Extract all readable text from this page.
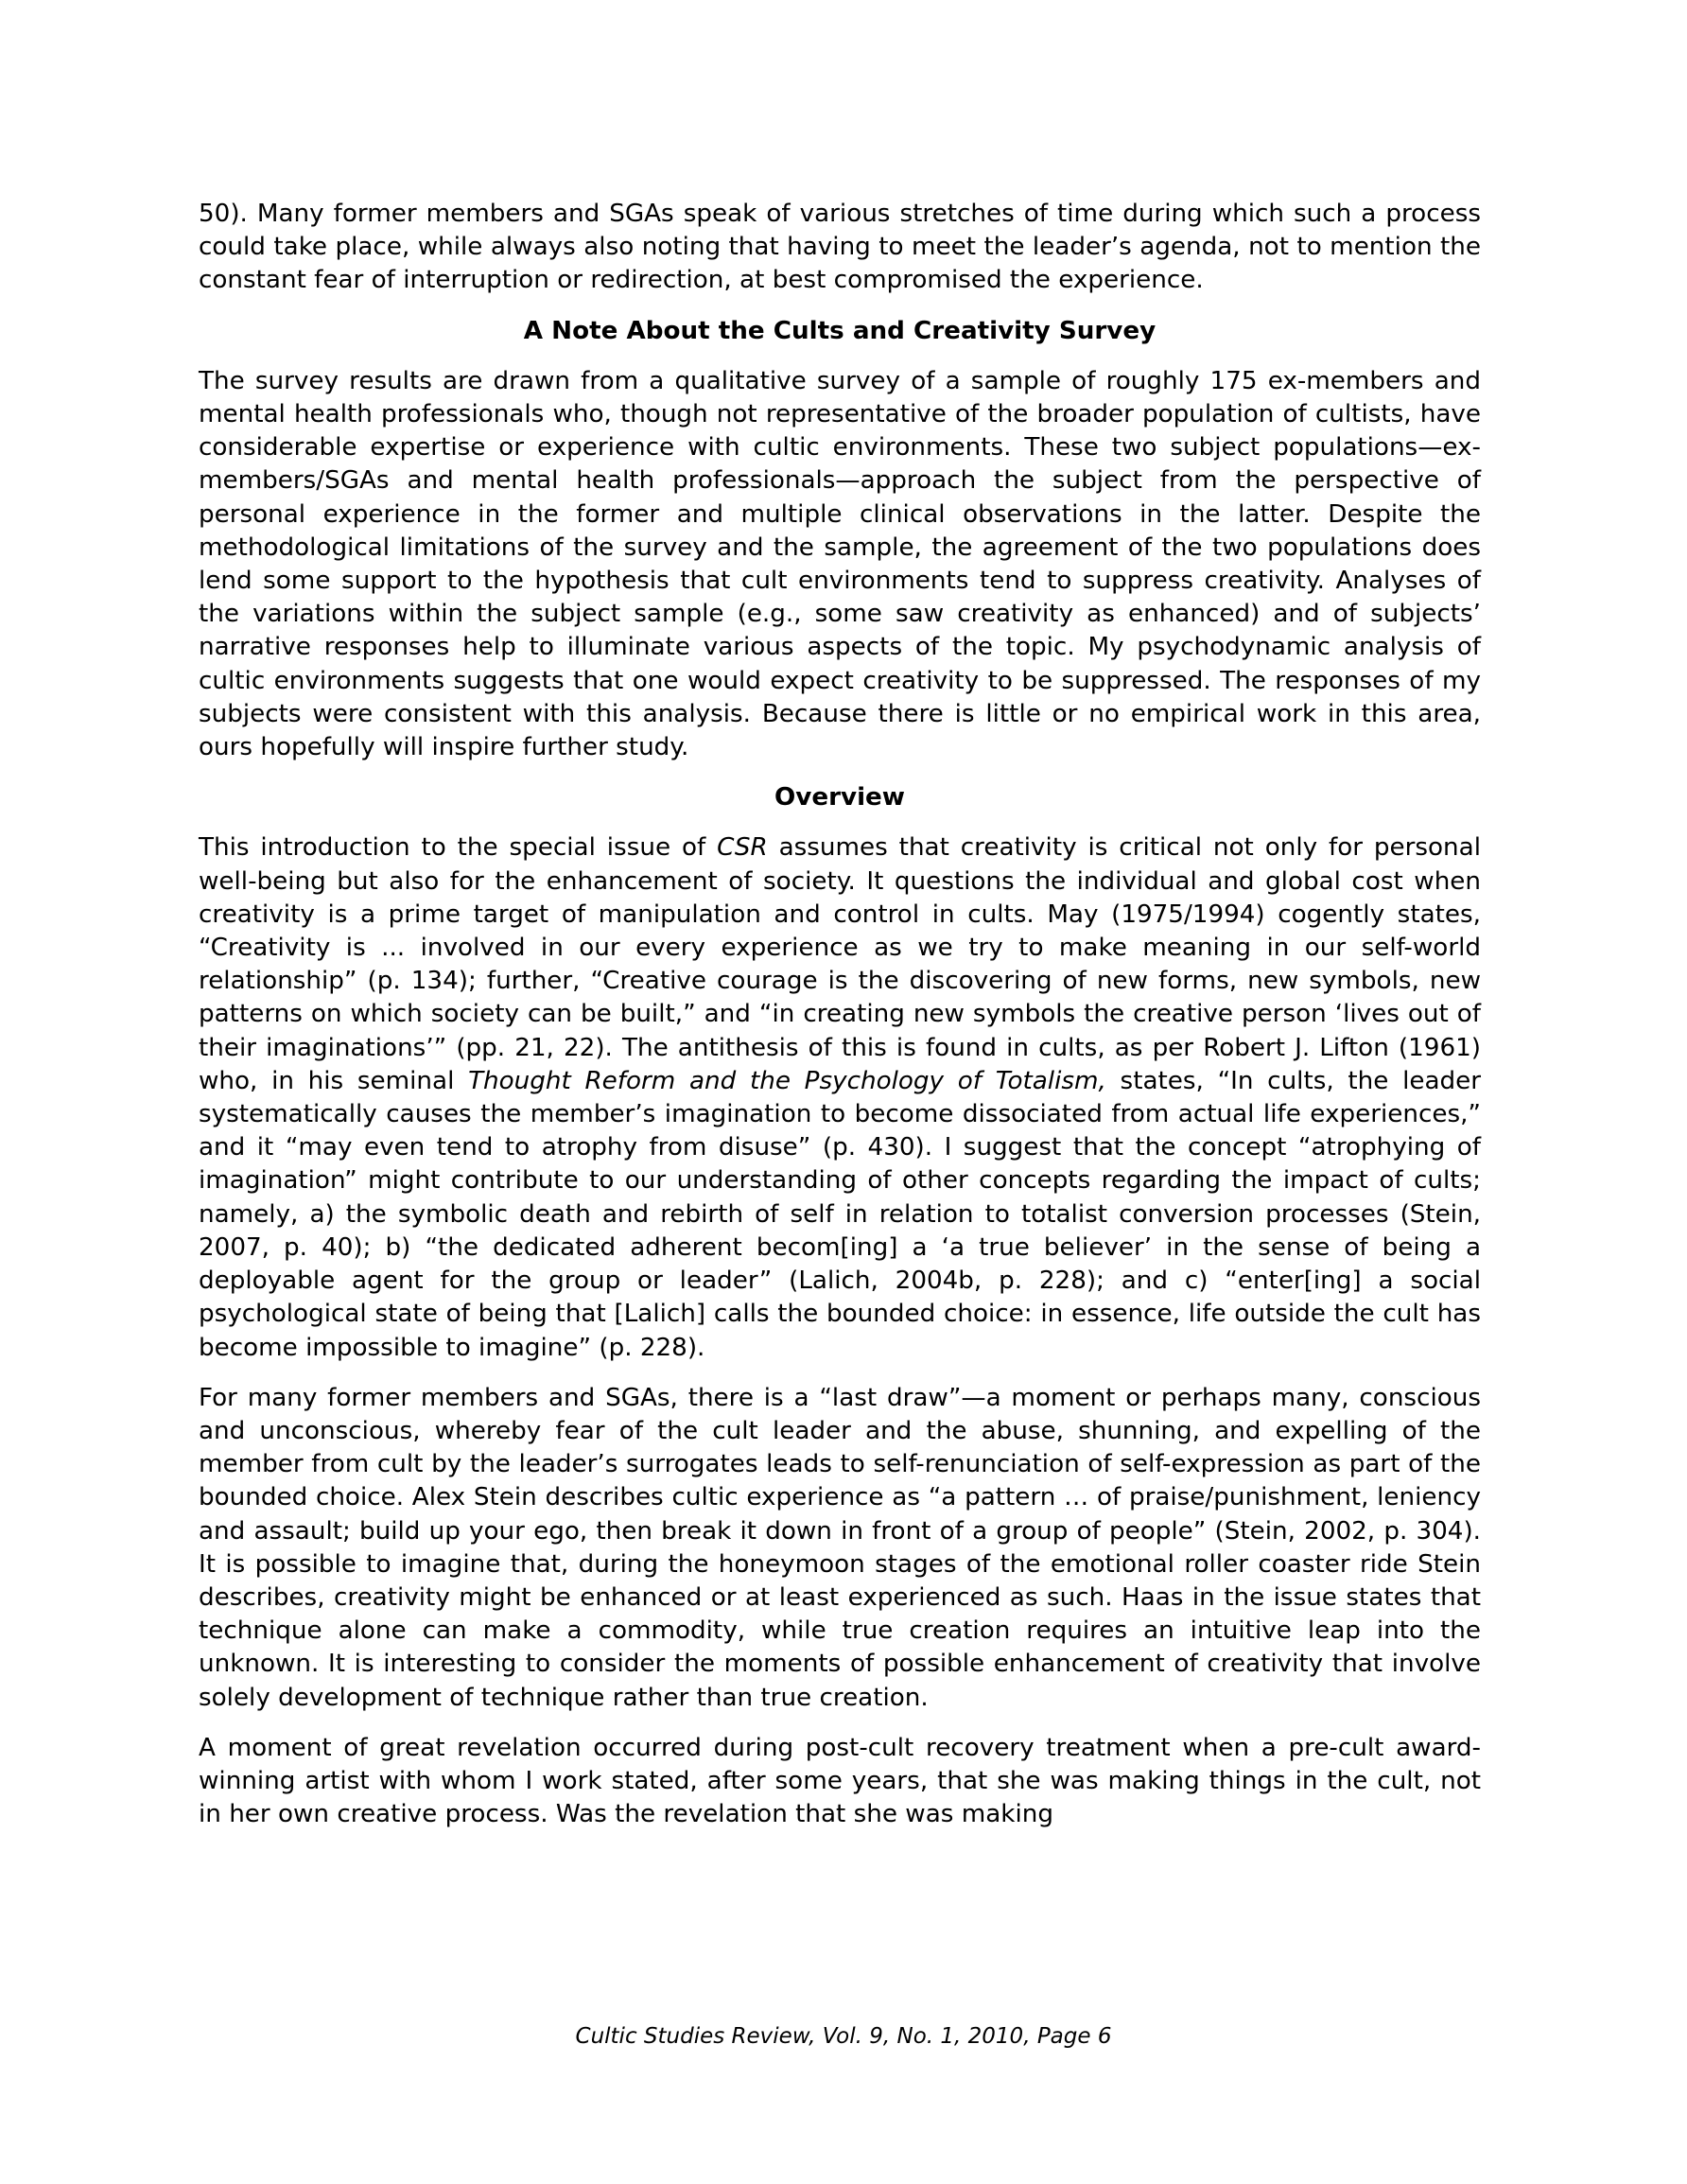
50). Many former members and SGAs speak of various stretches of time during which such a process could take place, while always also noting that having to meet the leader’s agenda, not to mention the constant fear of interruption or redirection, at best compromised the experience.

A Note About the Cults and Creativity Survey

The survey results are drawn from a qualitative survey of a sample of roughly 175 ex-members and mental health professionals who, though not representative of the broader population of cultists, have considerable expertise or experience with cultic environments. These two subject populations—ex-members/SGAs and mental health professionals—approach the subject from the perspective of personal experience in the former and multiple clinical observations in the latter. Despite the methodological limitations of the survey and the sample, the agreement of the two populations does lend some support to the hypothesis that cult environments tend to suppress creativity. Analyses of the variations within the subject sample (e.g., some saw creativity as enhanced) and of subjects’ narrative responses help to illuminate various aspects of the topic. My psychodynamic analysis of cultic environments suggests that one would expect creativity to be suppressed. The responses of my subjects were consistent with this analysis. Because there is little or no empirical work in this area, ours hopefully will inspire further study.

Overview

This introduction to the special issue of CSR assumes that creativity is critical not only for personal well-being but also for the enhancement of society. It questions the individual and global cost when creativity is a prime target of manipulation and control in cults. May (1975/1994) cogently states, “Creativity is ... involved in our every experience as we try to make meaning in our self-world relationship” (p. 134); further, “Creative courage is the discovering of new forms, new symbols, new patterns on which society can be built,” and “in creating new symbols the creative person ‘lives out of their imaginations’” (pp. 21, 22). The antithesis of this is found in cults, as per Robert J. Lifton (1961) who, in his seminal Thought Reform and the Psychology of Totalism, states, “In cults, the leader systematically causes the member’s imagination to become dissociated from actual life experiences,” and it “may even tend to atrophy from disuse” (p. 430). I suggest that the concept “atrophying of imagination” might contribute to our understanding of other concepts regarding the impact of cults; namely, a) the symbolic death and rebirth of self in relation to totalist conversion processes (Stein, 2007, p. 40); b) “the dedicated adherent becom[ing] a ‘a true believer’ in the sense of being a deployable agent for the group or leader” (Lalich, 2004b, p. 228); and c) “enter[ing] a social psychological state of being that [Lalich] calls the bounded choice: in essence, life outside the cult has become impossible to imagine” (p. 228).

For many former members and SGAs, there is a “last draw”—a moment or perhaps many, conscious and unconscious, whereby fear of the cult leader and the abuse, shunning, and expelling of the member from cult by the leader’s surrogates leads to self-renunciation of self-expression as part of the bounded choice. Alex Stein describes cultic experience as “a pattern … of praise/punishment, leniency and assault; build up your ego, then break it down in front of a group of people” (Stein, 2002, p. 304). It is possible to imagine that, during the honeymoon stages of the emotional roller coaster ride Stein describes, creativity might be enhanced or at least experienced as such. Haas in the issue states that technique alone can make a commodity, while true creation requires an intuitive leap into the unknown. It is interesting to consider the moments of possible enhancement of creativity that involve solely development of technique rather than true creation.

A moment of great revelation occurred during post-cult recovery treatment when a pre-cult award-winning artist with whom I work stated, after some years, that she was making things in the cult, not in her own creative process. Was the revelation that she was making

Cultic Studies Review, Vol. 9, No. 1, 2010, Page 6
